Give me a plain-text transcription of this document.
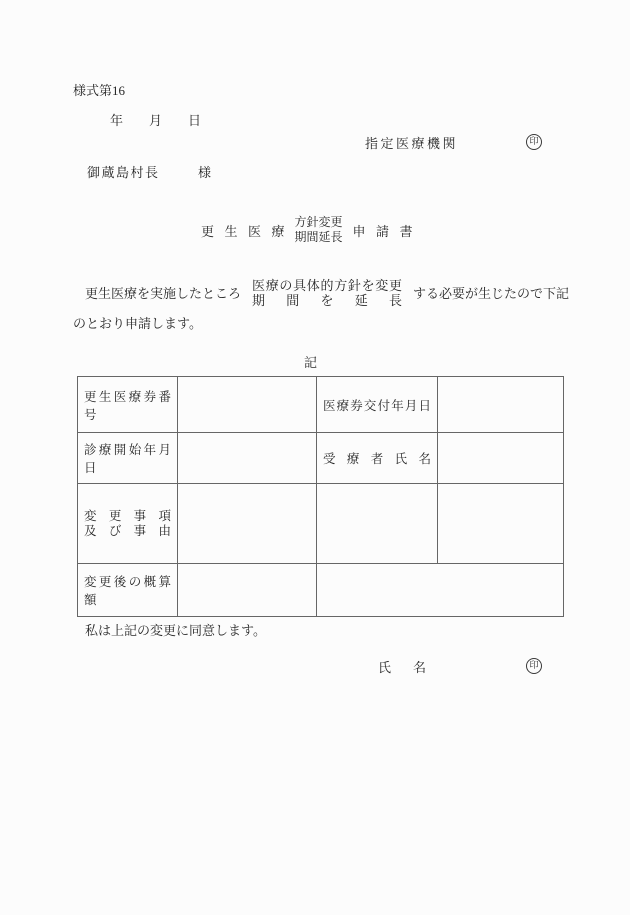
様式第16
年　　月　　日
指定医療機関	印
御蔵島村長	様
更生医療
方針変更
期間延長 申請書
更生医療を実施したところ
医療の具体的方針を変更
期間を延長 する必要が生じたので下記
のとおり申請します。
記
更生医療券番号		医療券交付年月日	
診療開始年月日		受療者氏名	

変更事項
及び事由			

変更後の概算額			
私は上記の変更に同意します。
氏　名	印
